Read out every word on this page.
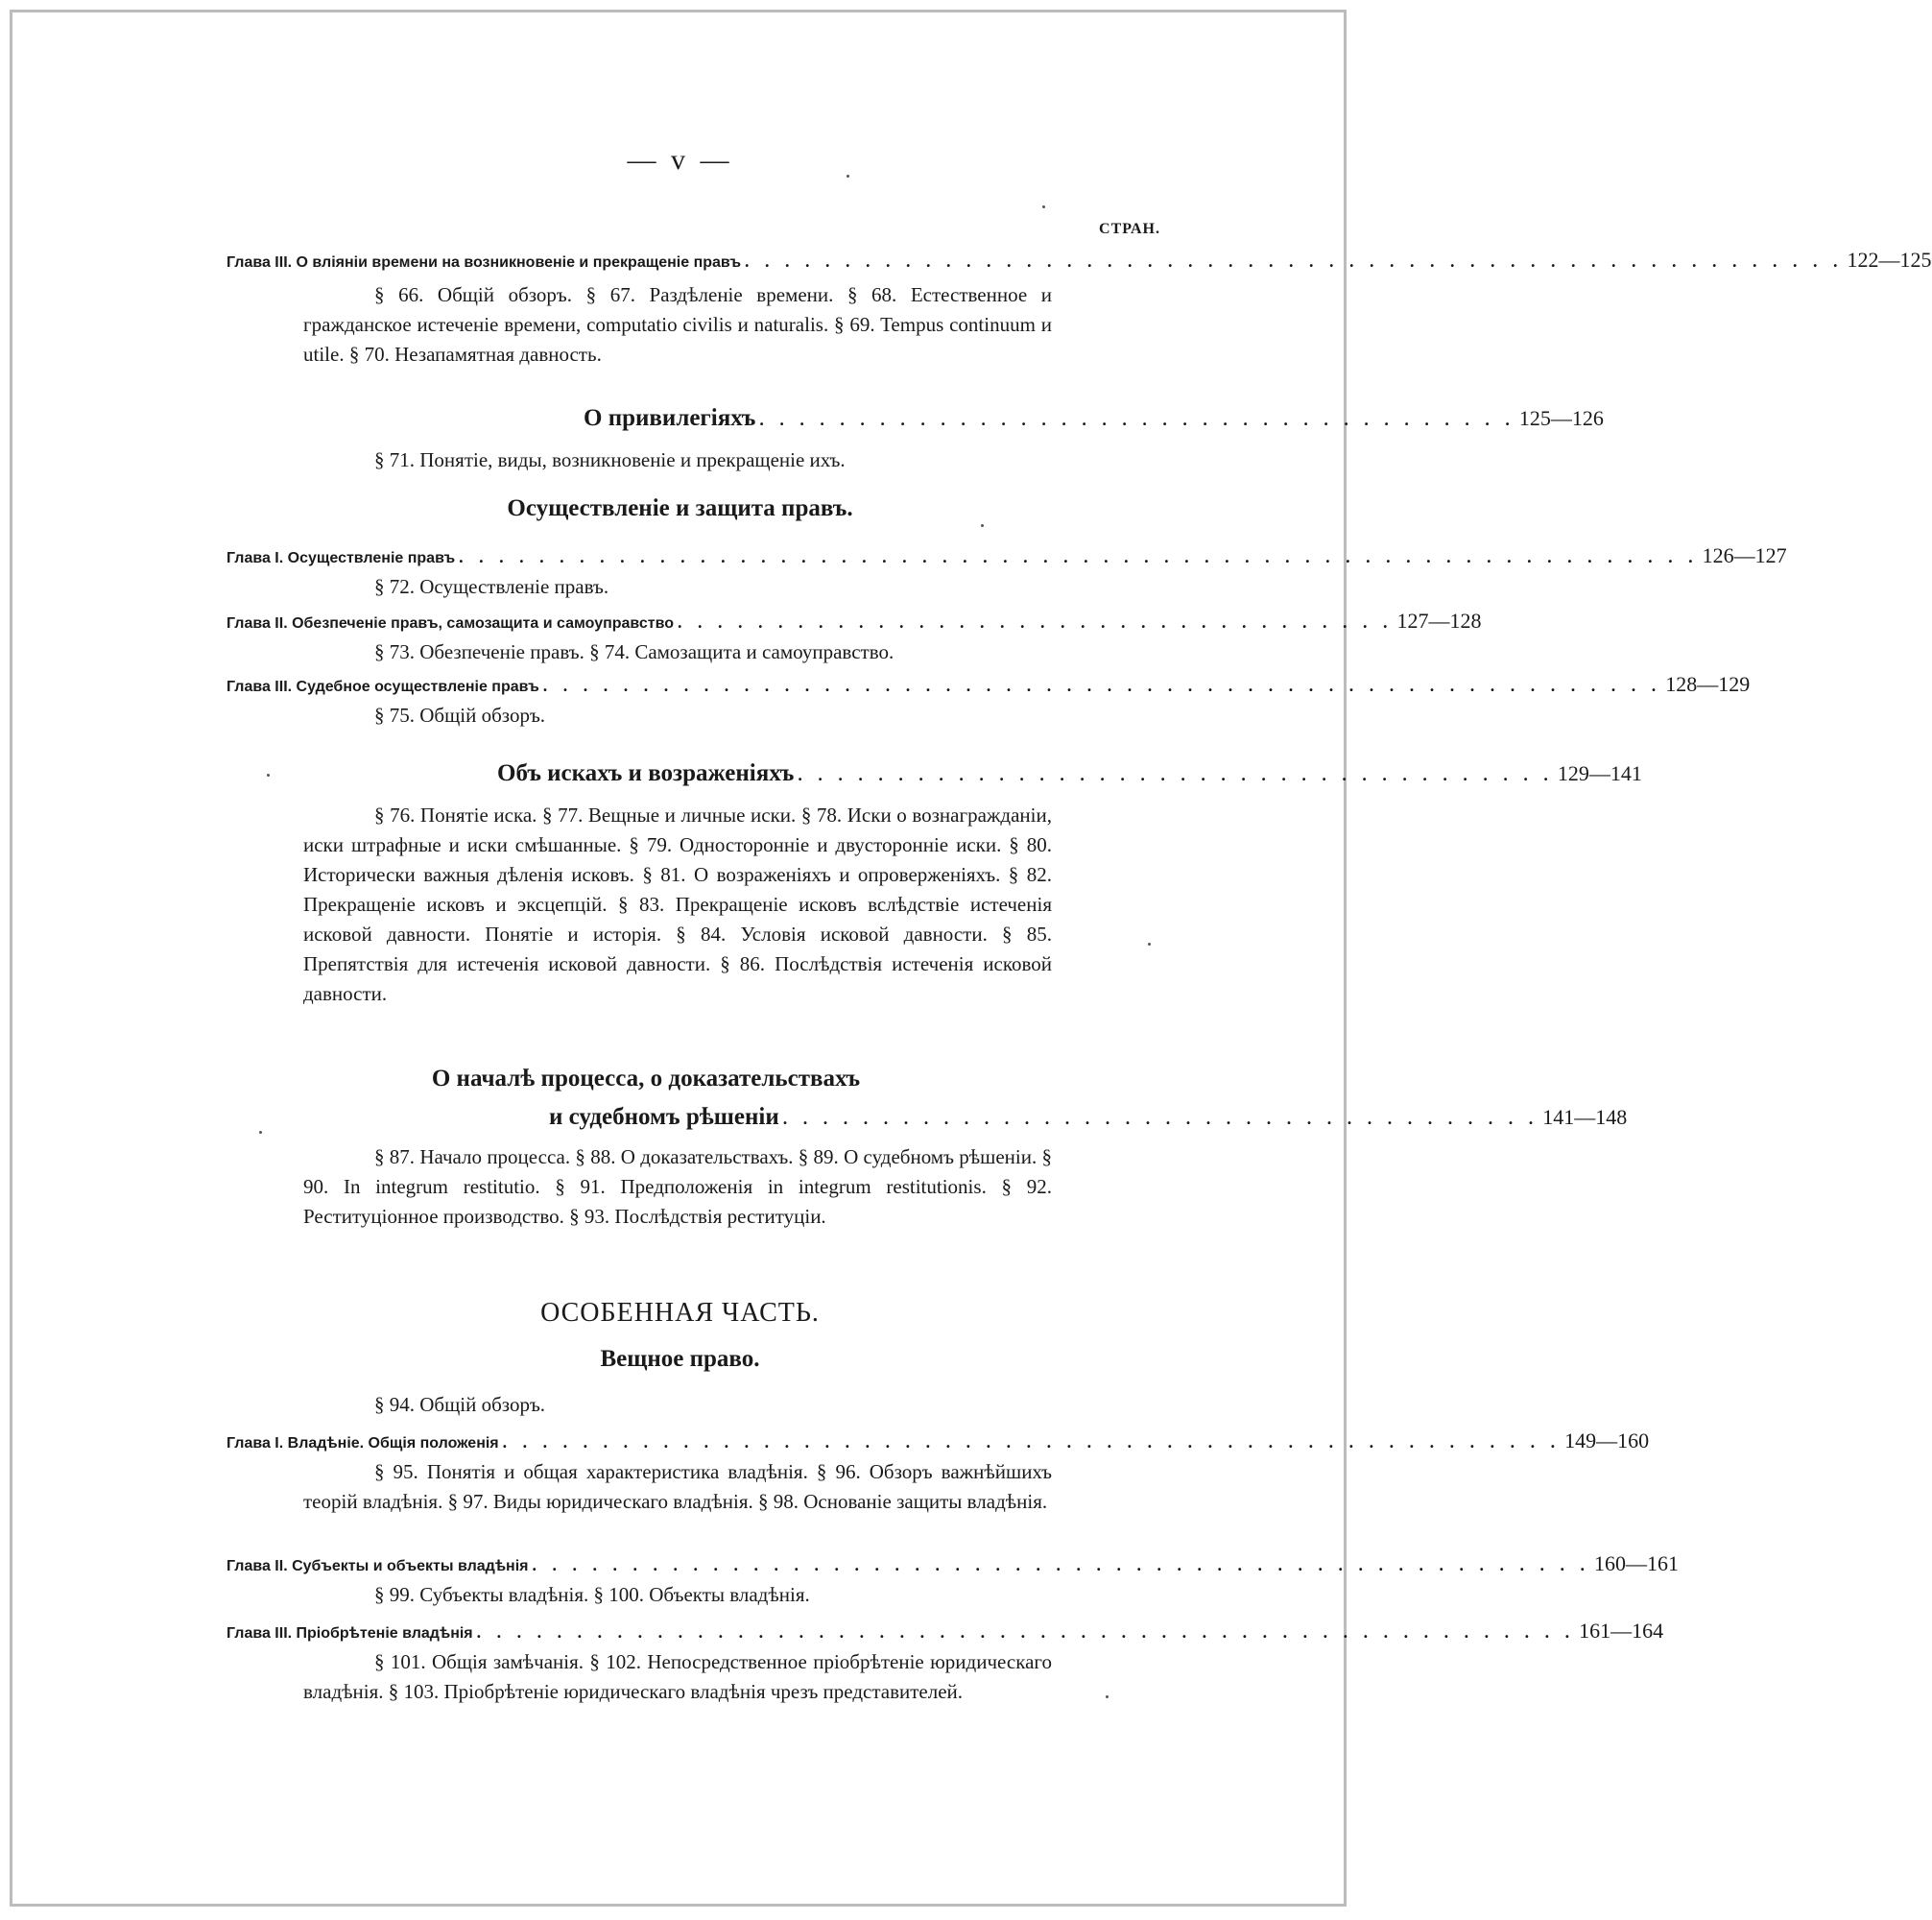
— v —
СТРАН.
Глава III. О вліяніи времени на возникновеніе и прекращеніе правъ . . . . . . . . . . . . . . . . . . . . . . . . . . . . . . . . . . . . . . . . . . . . . . . . . . . . . . . 122—125
§ 66. Общій обзоръ. § 67. Раздѣленіе времени. § 68. Естественное и гражданское истеченіе времени, computatio civilis и naturalis. § 69. Tempus continuum и utile. § 70. Незапамятная давность.
О привилегіяхъ . . . . . . . . . . . . . . . . . . . . . . . . . . . . . . . . . . . . . . 125—126
§ 71. Понятіе, виды, возникновеніе и прекращеніе ихъ.
Осуществленіе и защита правъ.
Глава I. Осуществленіе правъ . . . . . . . . . . . . . . . . . . . . . . . . . . . . . . . . . . . . . . . . . . . . . . . . . . . . . . . . . . . . . . 126—127
§ 72. Осуществленіе правъ.
Глава II. Обезпеченіе правъ, самозащита и самоуправство . . . . . . . . . . . . . . . . . . . . . . . . . . . . . . . . . . . . 127—128
§ 73. Обезпеченіе правъ. § 74. Самозащита и самоуправство.
Глава III. Судебное осуществленіе правъ . . . . . . . . . . . . . . . . . . . . . . . . . . . . . . . . . . . . . . . . . . . . . . . . . . . . . . . . 128—129
§ 75. Общій обзоръ.
Объ искахъ и возраженіяхъ . . . . . . . . . . . . . . . . . . . . . . . . . . . . . . . . . . . . . . 129—141
§ 76. Понятіе иска. § 77. Вещные и личные иски. § 78. Иски о вознагражданіи, иски штрафные и иски смѣшанные. § 79. Односторонніе и двусторонніе иски. § 80. Исторически важныя дѣленія исковъ. § 81. О возраженіяхъ и опроверженіяхъ. § 82. Прекращеніе исковъ и эксцепцій. § 83. Прекращеніе исковъ вслѣдствіе истеченія исковой давности. Понятіе и исторія. § 84. Условія исковой давности. § 85. Препятствія для истеченія исковой давности. § 86. Послѣдствія истеченія исковой давности.
О началѣ процесса, о доказательствахъ
и судебномъ рѣшеніи . . . . . . . . . . . . . . . . . . . . . . . . . . . . . . . . . . . . . . 141—148
§ 87. Начало процесса. § 88. О доказательствахъ. § 89. О судебномъ рѣшеніи. § 90. In integrum restitutio. § 91. Предположенія in integrum restitutionis. § 92. Реституціонное производство. § 93. Послѣдствія реституціи.
ОСОБЕННАЯ ЧАСТЬ.
Вещное право.
§ 94. Общій обзоръ.
Глава I. Владѣніе. Общія положенія . . . . . . . . . . . . . . . . . . . . . . . . . . . . . . . . . . . . . . . . . . . . . . . . . . . . . 149—160
§ 95. Понятія и общая характеристика владѣнія. § 96. Обзоръ важнѣйшихъ теорій владѣнія. § 97. Виды юридическаго владѣнія. § 98. Основаніе защиты владѣнія.
Глава II. Субъекты и объекты владѣнія . . . . . . . . . . . . . . . . . . . . . . . . . . . . . . . . . . . . . . . . . . . . . . . . . . . . . 160—161
§ 99. Субъекты владѣнія. § 100. Объекты владѣнія.
Глава III. Пріобрѣтеніе владѣнія . . . . . . . . . . . . . . . . . . . . . . . . . . . . . . . . . . . . . . . . . . . . . . . . . . . . . . . 161—164
§ 101. Общія замѣчанія. § 102. Непосредственное пріобрѣтеніе юридическаго владѣнія. § 103. Пріобрѣтеніе юридическаго владѣнія чрезъ представителей.
